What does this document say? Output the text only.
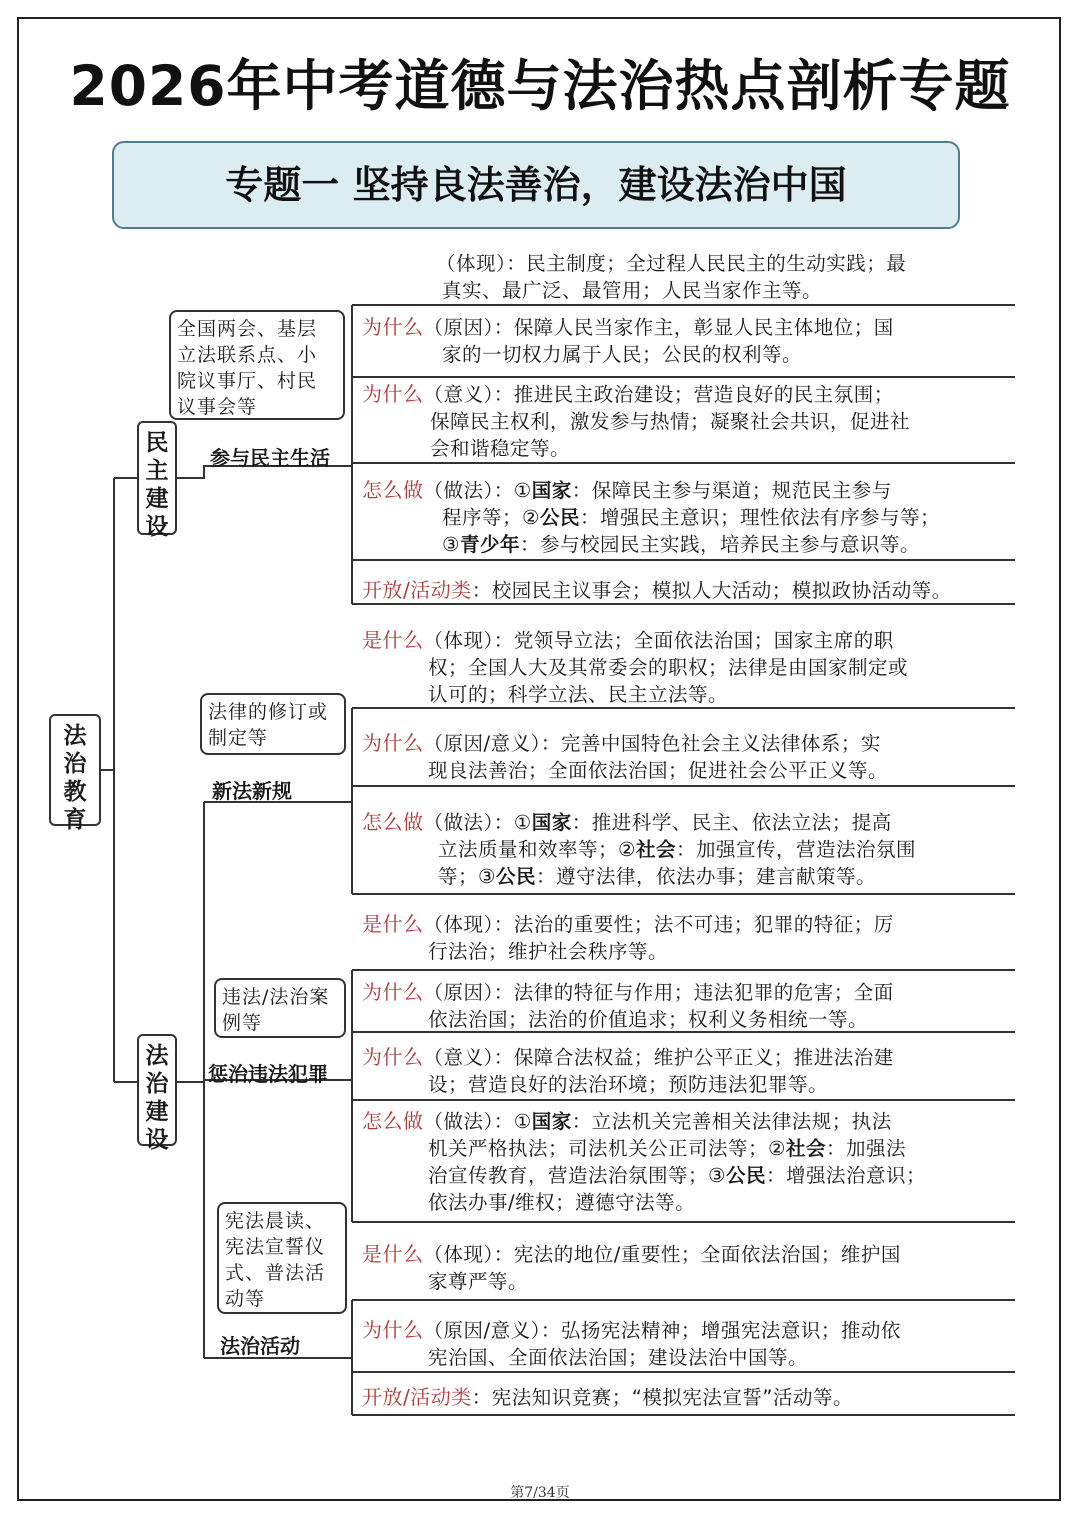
2026年中考道德与法治热点剖析专题
专题一 坚持良法善治，建设法治中国
法
治
教
育
民
主
建
设
法
治
建
设
全国两会、基层
立法联系点、小
院议事厅、村民
议事会等
参与民主生活
法律的修订或
制定等
新法新规
违法/法治案
例等
惩治违法犯罪
宪法晨读、
宪法宣誓仪
式、普法活
动等
法治活动
（体现）：民主制度；全过程人民民主的生动实践；最
真实、最广泛、最管用；人民当家作主等。
为什么（原因）：保障人民当家作主，彰显人民主体地位；国
家的一切权力属于人民；公民的权利等。
为什么（意义）：推进民主政治建设；营造良好的民主氛围；
保障民主权利，激发参与热情；凝聚社会共识，促进社
会和谐稳定等。
怎么做（做法）：①国家：保障民主参与渠道；规范民主参与
程序等；②公民：增强民主意识；理性依法有序参与等；
③青少年：参与校园民主实践，培养民主参与意识等。
开放/活动类：校园民主议事会；模拟人大活动；模拟政协活动等。
是什么（体现）：党领导立法；全面依法治国；国家主席的职
权；全国人大及其常委会的职权；法律是由国家制定或
认可的；科学立法、民主立法等。
为什么（原因/意义）：完善中国特色社会主义法律体系；实
现良法善治；全面依法治国；促进社会公平正义等。
怎么做（做法）：①国家：推进科学、民主、依法立法；提高
立法质量和效率等；②社会：加强宣传，营造法治氛围
等；③公民：遵守法律，依法办事；建言献策等。
是什么（体现）：法治的重要性；法不可违；犯罪的特征；厉
行法治；维护社会秩序等。
为什么（原因）：法律的特征与作用；违法犯罪的危害；全面
依法治国；法治的价值追求；权利义务相统一等。
为什么（意义）：保障合法权益；维护公平正义；推进法治建
设；营造良好的法治环境；预防违法犯罪等。
怎么做（做法）：①国家：立法机关完善相关法律法规；执法
机关严格执法；司法机关公正司法等；②社会：加强法
治宣传教育，营造法治氛围等；③公民：增强法治意识；
依法办事/维权；遵德守法等。
是什么（体现）：宪法的地位/重要性；全面依法治国；维护国
家尊严等。
为什么（原因/意义）：弘扬宪法精神；增强宪法意识；推动依
宪治国、全面依法治国；建设法治中国等。
开放/活动类：宪法知识竞赛；“模拟宪法宣誓”活动等。
第7/34页
